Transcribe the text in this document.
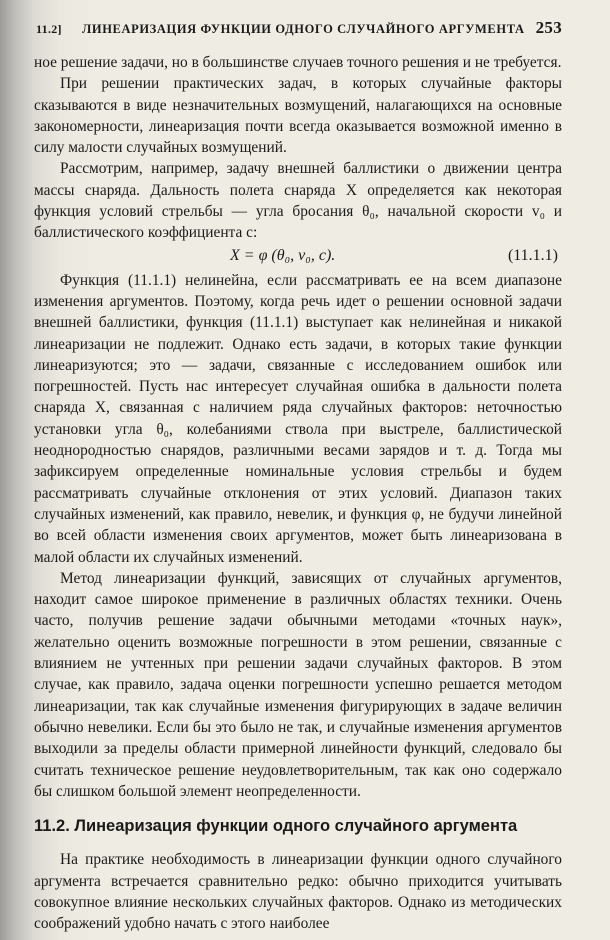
11.2] ЛИНЕАРИЗАЦИЯ ФУНКЦИИ ОДНОГО СЛУЧАЙНОГО АРГУМЕНТА 253

ное решение задачи, но в большинстве случаев точного решения и не требуется.

При решении практических задач, в которых случайные факторы сказываются в виде незначительных возмущений, налагающихся на основные закономерности, линеаризация почти всегда оказывается возможной именно в силу малости случайных возмущений.

Рассмотрим, например, задачу внешней баллистики о движении центра массы снаряда. Дальность полета снаряда X определяется как некоторая функция условий стрельбы — угла бросания θ₀, начальной скорости v₀ и баллистического коэффициента c:

X = φ (θ₀, v₀, c).	(11.1.1)

Функция (11.1.1) нелинейна, если рассматривать ее на всем диапазоне изменения аргументов. Поэтому, когда речь идет о решении основной задачи внешней баллистики, функция (11.1.1) выступает как нелинейная и никакой линеаризации не подлежит. Однако есть задачи, в которых такие функции линеаризуются; это — задачи, связанные с исследованием ошибок или погрешностей. Пусть нас интересует случайная ошибка в дальности полета снаряда X, связанная с наличием ряда случайных факторов: неточностью установки угла θ₀, колебаниями ствола при выстреле, баллистической неоднородностью снарядов, различными весами зарядов и т. д. Тогда мы зафиксируем определенные номинальные условия стрельбы и будем рассматривать случайные отклонения от этих условий. Диапазон таких случайных изменений, как правило, невелик, и функция φ, не будучи линейной во всей области изменения своих аргументов, может быть линеаризована в малой области их случайных изменений.

Метод линеаризации функций, зависящих от случайных аргументов, находит самое широкое применение в различных областях техники. Очень часто, получив решение задачи обычными методами «точных наук», желательно оценить возможные погрешности в этом решении, связанные с влиянием не учтенных при решении задачи случайных факторов. В этом случае, как правило, задача оценки погрешности успешно решается методом линеаризации, так как случайные изменения фигурирующих в задаче величин обычно невелики. Если бы это было не так, и случайные изменения аргументов выходили за пределы области примерной линейности функций, следовало бы считать техническое решение неудовлетворительным, так как оно содержало бы слишком большой элемент неопределенности.

11.2. Линеаризация функции одного случайного аргумента

На практике необходимость в линеаризации функции одного случайного аргумента встречается сравнительно редко: обычно приходится учитывать совокупное влияние нескольких случайных факторов. Однако из методических соображений удобно начать с этого наиболее
